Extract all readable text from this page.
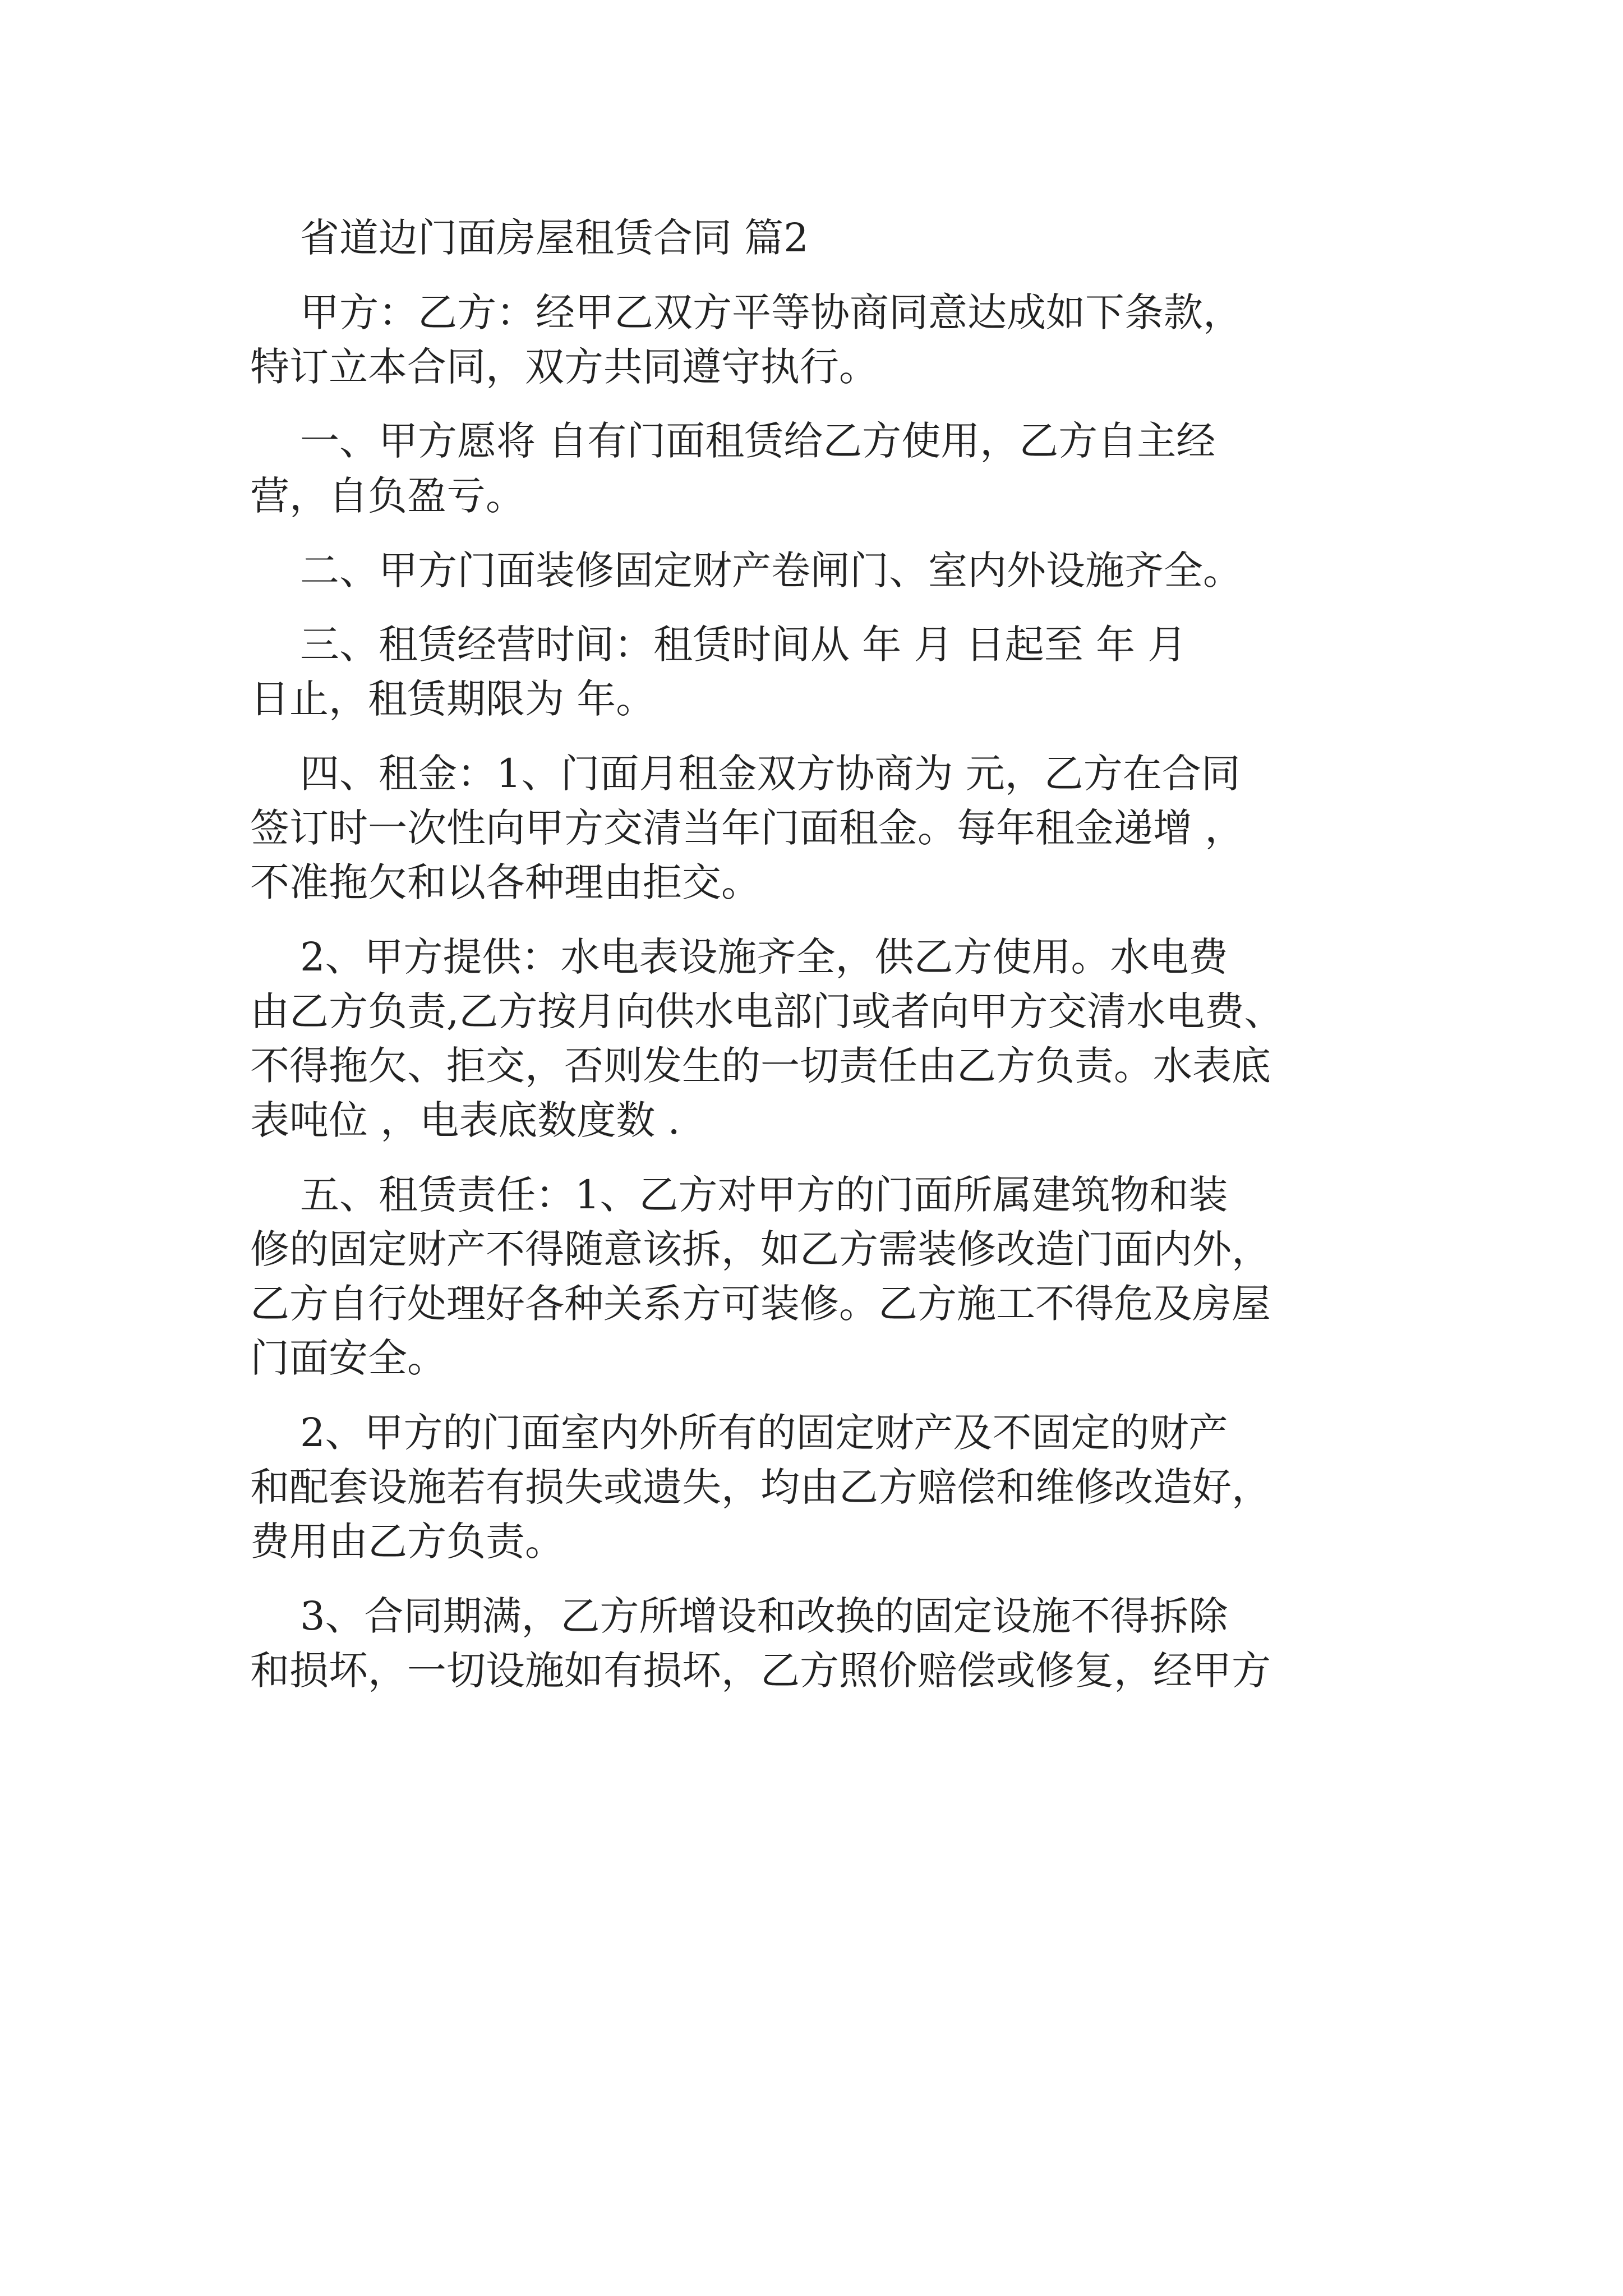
省道边门面房屋租赁合同 篇2
甲方：乙方：经甲乙双方平等协商同意达成如下条款，
特订立本合同，双方共同遵守执行。
一、甲方愿将 自有门面租赁给乙方使用，乙方自主经
营，自负盈亏。
二、甲方门面装修固定财产卷闸门、室内外设施齐全。
三、租赁经营时间：租赁时间从 年 月 日起至 年 月
日止，租赁期限为 年。
四、租金：1、门面月租金双方协商为 元，乙方在合同
签订时一次性向甲方交清当年门面租金。每年租金递增 ，
不准拖欠和以各种理由拒交。
2、甲方提供：水电表设施齐全，供乙方使用。水电费
由乙方负责,乙方按月向供水电部门或者向甲方交清水电费、
不得拖欠、拒交，否则发生的一切责任由乙方负责。水表底
表吨位 ，电表底数度数 .
五、租赁责任：1、乙方对甲方的门面所属建筑物和装
修的固定财产不得随意该拆，如乙方需装修改造门面内外，
乙方自行处理好各种关系方可装修。乙方施工不得危及房屋
门面安全。
2、甲方的门面室内外所有的固定财产及不固定的财产
和配套设施若有损失或遗失，均由乙方赔偿和维修改造好，
费用由乙方负责。
3、合同期满，乙方所增设和改换的固定设施不得拆除
和损坏，一切设施如有损坏，乙方照价赔偿或修复，经甲方
